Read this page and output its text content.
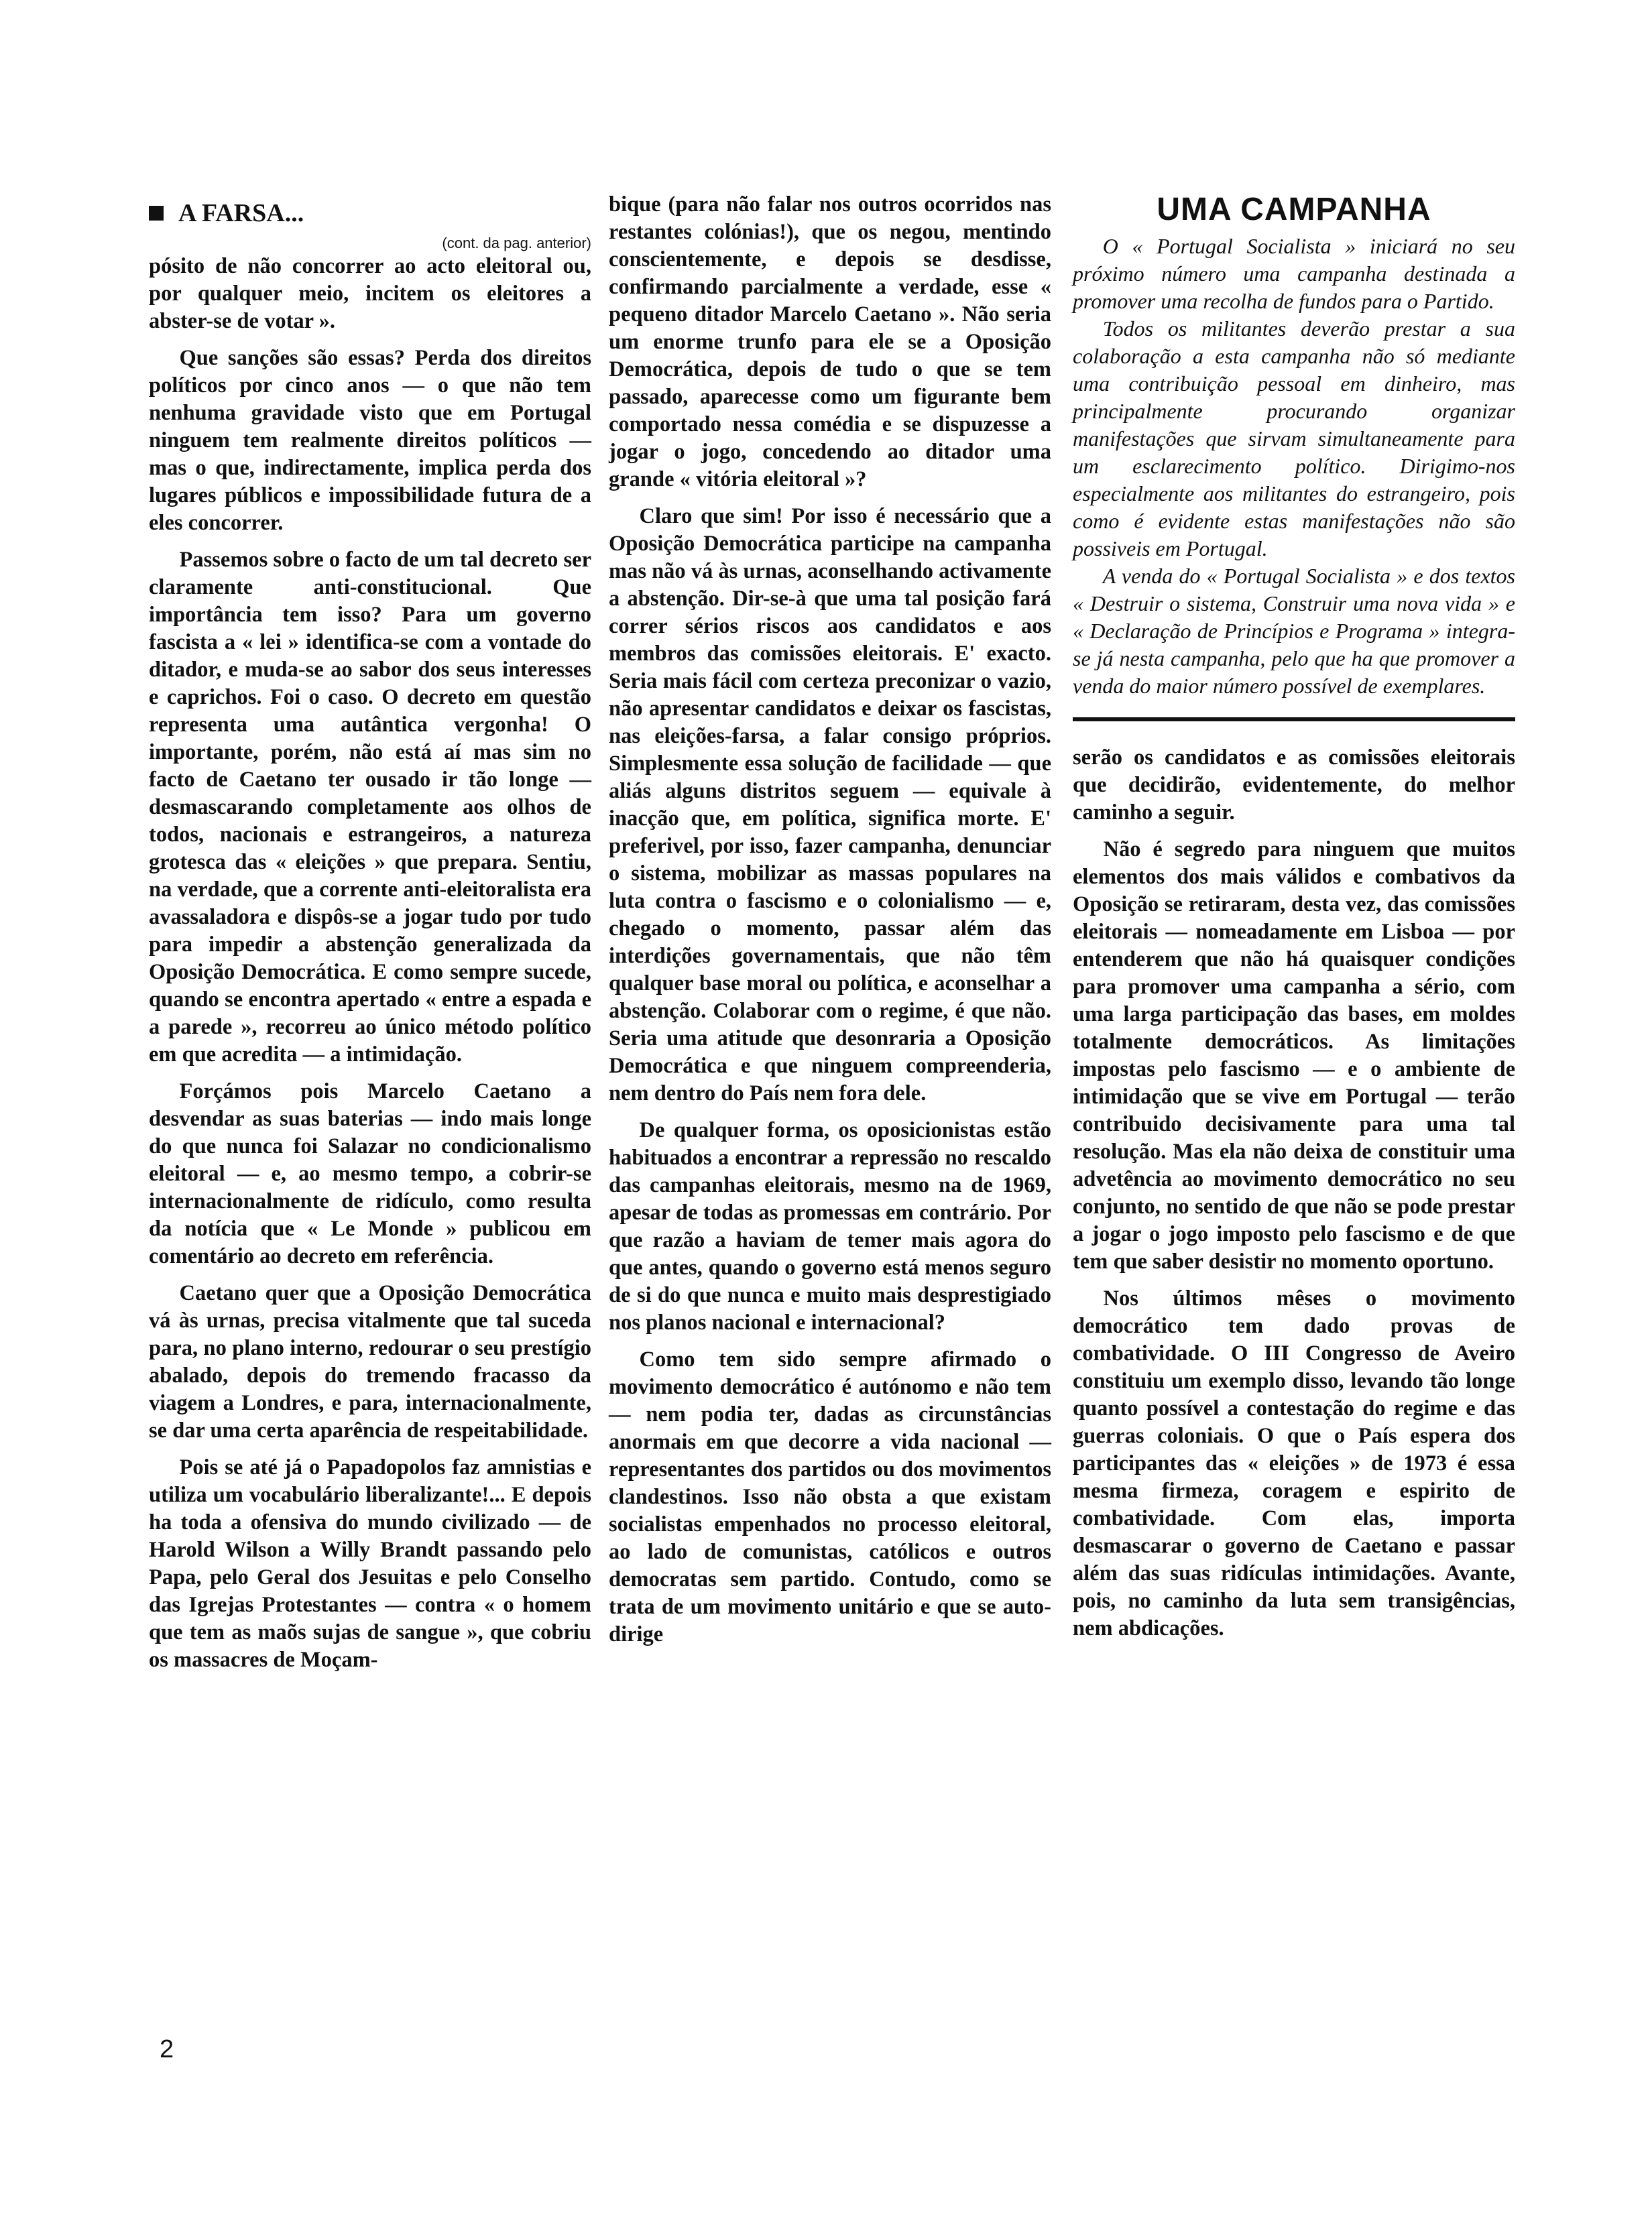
A FARSA...
(cont. da pag. anterior)

pósito de não concorrer ao acto eleitoral ou, por qualquer meio, incitem os eleitores a abster-se de votar ».

Que sanções são essas? Perda dos direitos políticos por cinco anos — o que não tem nenhuma gravidade visto que em Portugal ninguem tem realmente direitos políticos — mas o que, indirectamente, implica perda dos lugares públicos e impossibilidade futura de a eles concorrer.

Passemos sobre o facto de um tal decreto ser claramente anti-constitucional. Que importância tem isso? Para um governo fascista a « lei » identifica-se com a vontade do ditador, e muda-se ao sabor dos seus interesses e caprichos. Foi o caso. O decreto em questão representa uma autântica vergonha! O importante, porém, não está aí mas sim no facto de Caetano ter ousado ir tão longe — desmascarando completamente aos olhos de todos, nacionais e estrangeiros, a natureza grotesca das « eleições » que prepara. Sentiu, na verdade, que a corrente anti-eleitoralista era avassaladora e dispôs-se a jogar tudo por tudo para impedir a abstenção generalizada da Oposição Democrática. E como sempre sucede, quando se encontra apertado « entre a espada e a parede », recorreu ao único método político em que acredita — a intimidação.

Forçámos pois Marcelo Caetano a desvendar as suas baterias — indo mais longe do que nunca foi Salazar no condicionalismo eleitoral — e, ao mesmo tempo, a cobrir-se internacionalmente de ridículo, como resulta da notícia que « Le Monde » publicou em comentário ao decreto em referência.

Caetano quer que a Oposição Democrática vá às urnas, precisa vitalmente que tal suceda para, no plano interno, redourar o seu prestígio abalado, depois do tremendo fracasso da viagem a Londres, e para, internacionalmente, se dar uma certa aparência de respeitabilidade.

Pois se até já o Papadopolos faz amnistias e utiliza um vocabulário liberalizante!... E depois ha toda a ofensiva do mundo civilizado — de Harold Wilson a Willy Brandt passando pelo Papa, pelo Geral dos Jesuitas e pelo Conselho das Igrejas Protestantes — contra « o homem que tem as maõs sujas de sangue », que cobriu os massacres de Moçam-

bique (para não falar nos outros ocorridos nas restantes colónias!), que os negou, mentindo conscientemente, e depois se desdisse, confirmando parcialmente a verdade, esse « pequeno ditador Marcelo Caetano ». Não seria um enorme trunfo para ele se a Oposição Democrática, depois de tudo o que se tem passado, aparecesse como um figurante bem comportado nessa comédia e se dispuzesse a jogar o jogo, concedendo ao ditador uma grande « vitória eleitoral »?

Claro que sim! Por isso é necessário que a Oposição Democrática participe na campanha mas não vá às urnas, aconselhando activamente a abstenção. Dir-se-à que uma tal posição fará correr sérios riscos aos candidatos e aos membros das comissões eleitorais. E' exacto. Seria mais fácil com certeza preconizar o vazio, não apresentar candidatos e deixar os fascistas, nas eleições-farsa, a falar consigo próprios. Simplesmente essa solução de facilidade — que aliás alguns distritos seguem — equivale à inacção que, em política, significa morte. E' preferivel, por isso, fazer campanha, denunciar o sistema, mobilizar as massas populares na luta contra o fascismo e o colonialismo — e, chegado o momento, passar além das interdições governamentais, que não têm qualquer base moral ou política, e aconselhar a abstenção. Colaborar com o regime, é que não. Seria uma atitude que desonraria a Oposição Democrática e que ninguem compreenderia, nem dentro do País nem fora dele.

De qualquer forma, os oposicionistas estão habituados a encontrar a repressão no rescaldo das campanhas eleitorais, mesmo na de 1969, apesar de todas as promessas em contrário. Por que razão a haviam de temer mais agora do que antes, quando o governo está menos seguro de si do que nunca e muito mais desprestigiado nos planos nacional e internacional?

Como tem sido sempre afirmado o movimento democrático é autónomo e não tem — nem podia ter, dadas as circunstâncias anormais em que decorre a vida nacional — representantes dos partidos ou dos movimentos clandestinos. Isso não obsta a que existam socialistas empenhados no processo eleitoral, ao lado de comunistas, católicos e outros democratas sem partido. Contudo, como se trata de um movimento unitário e que se auto-dirige

UMA CAMPANHA

O « Portugal Socialista » iniciará no seu próximo número uma campanha destinada a promover uma recolha de fundos para o Partido.

Todos os militantes deverão prestar a sua colaboração a esta campanha não só mediante uma contribuição pessoal em dinheiro, mas principalmente procurando organizar manifestações que sirvam simultaneamente para um esclarecimento político. Dirigimo-nos especialmente aos militantes do estrangeiro, pois como é evidente estas manifestações não são possiveis em Portugal.

A venda do « Portugal Socialista » e dos textos « Destruir o sistema, Construir uma nova vida » e « Declaração de Princípios e Programa » integra-se já nesta campanha, pelo que ha que promover a venda do maior número possível de exemplares.

serão os candidatos e as comissões eleitorais que decidirão, evidentemente, do melhor caminho a seguir.

Não é segredo para ninguem que muitos elementos dos mais válidos e combativos da Oposição se retiraram, desta vez, das comissões eleitorais — nomeadamente em Lisboa — por entenderem que não há quaisquer condições para promover uma campanha a sério, com uma larga participação das bases, em moldes totalmente democráticos. As limitações impostas pelo fascismo — e o ambiente de intimidação que se vive em Portugal — terão contribuido decisivamente para uma tal resolução. Mas ela não deixa de constituir uma advetência ao movimento democrático no seu conjunto, no sentido de que não se pode prestar a jogar o jogo imposto pelo fascismo e de que tem que saber desistir no momento oportuno.

Nos últimos mêses o movimento democrático tem dado provas de combatividade. O III Congresso de Aveiro constituiu um exemplo disso, levando tão longe quanto possível a contestação do regime e das guerras coloniais. O que o País espera dos participantes das « eleições » de 1973 é essa mesma firmeza, coragem e espirito de combatividade. Com elas, importa desmascarar o governo de Caetano e passar além das suas ridículas intimidações. Avante, pois, no caminho da luta sem transigências, nem abdicações.

2
